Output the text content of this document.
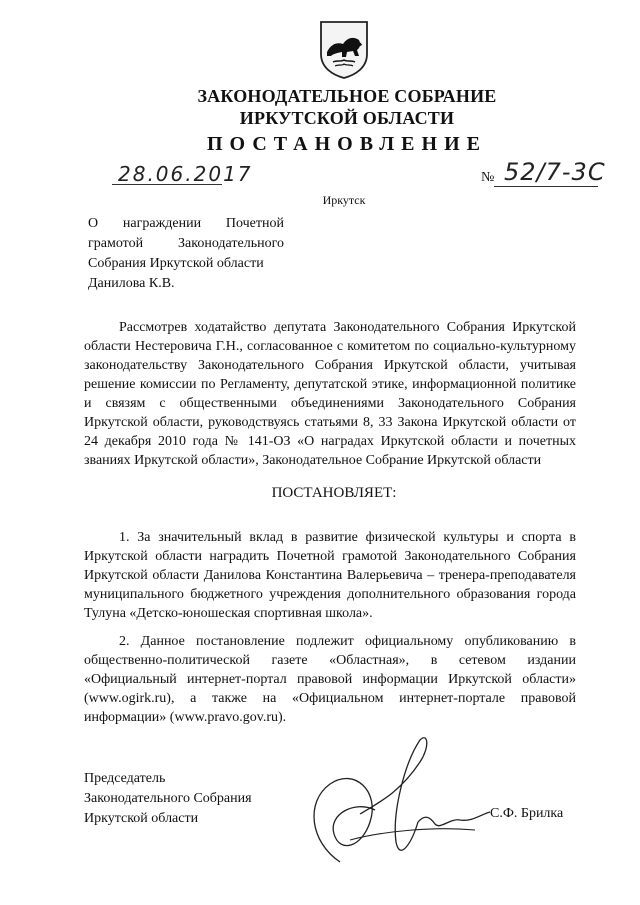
ЗАКОНОДАТЕЛЬНОЕ СОБРАНИЕ
ИРКУТСКОЙ ОБЛАСТИ
ПОСТАНОВЛЕНИЕ
28.06.2017	№ 52/7-3С
Иркутск
О награждении Почетной
грамотой Законодательного
Собрания Иркутской области
Данилова К.В.
Рассмотрев ходатайство депутата Законодательного Собрания Иркутской области Нестеровича Г.Н., согласованное с комитетом по социально-культурному законодательству Законодательного Собрания Иркутской области, учитывая решение комиссии по Регламенту, депутатской этике, информационной политике и связям с общественными объединениями Законодательного Собрания Иркутской области, руководствуясь статьями 8, 33 Закона Иркутской области от 24 декабря 2010 года № 141-ОЗ «О наградах Иркутской области и почетных званиях Иркутской области», Законодательное Собрание Иркутской области
ПОСТАНОВЛЯЕТ:
1. За значительный вклад в развитие физической культуры и спорта в Иркутской области наградить Почетной грамотой Законодательного Собрания Иркутской области Данилова Константина Валерьевича – тренера-преподавателя муниципального бюджетного учреждения дополнительного образования города Тулуна «Детско-юношеская спортивная школа».
2. Данное постановление подлежит официальному опубликованию в общественно-политической газете «Областная», в сетевом издании «Официальный интернет-портал правовой информации Иркутской области» (www.ogirk.ru), а также на «Официальном интернет-портале правовой информации» (www.pravo.gov.ru).
Председатель
Законодательного Собрания
Иркутской области	С.Ф. Брилка
